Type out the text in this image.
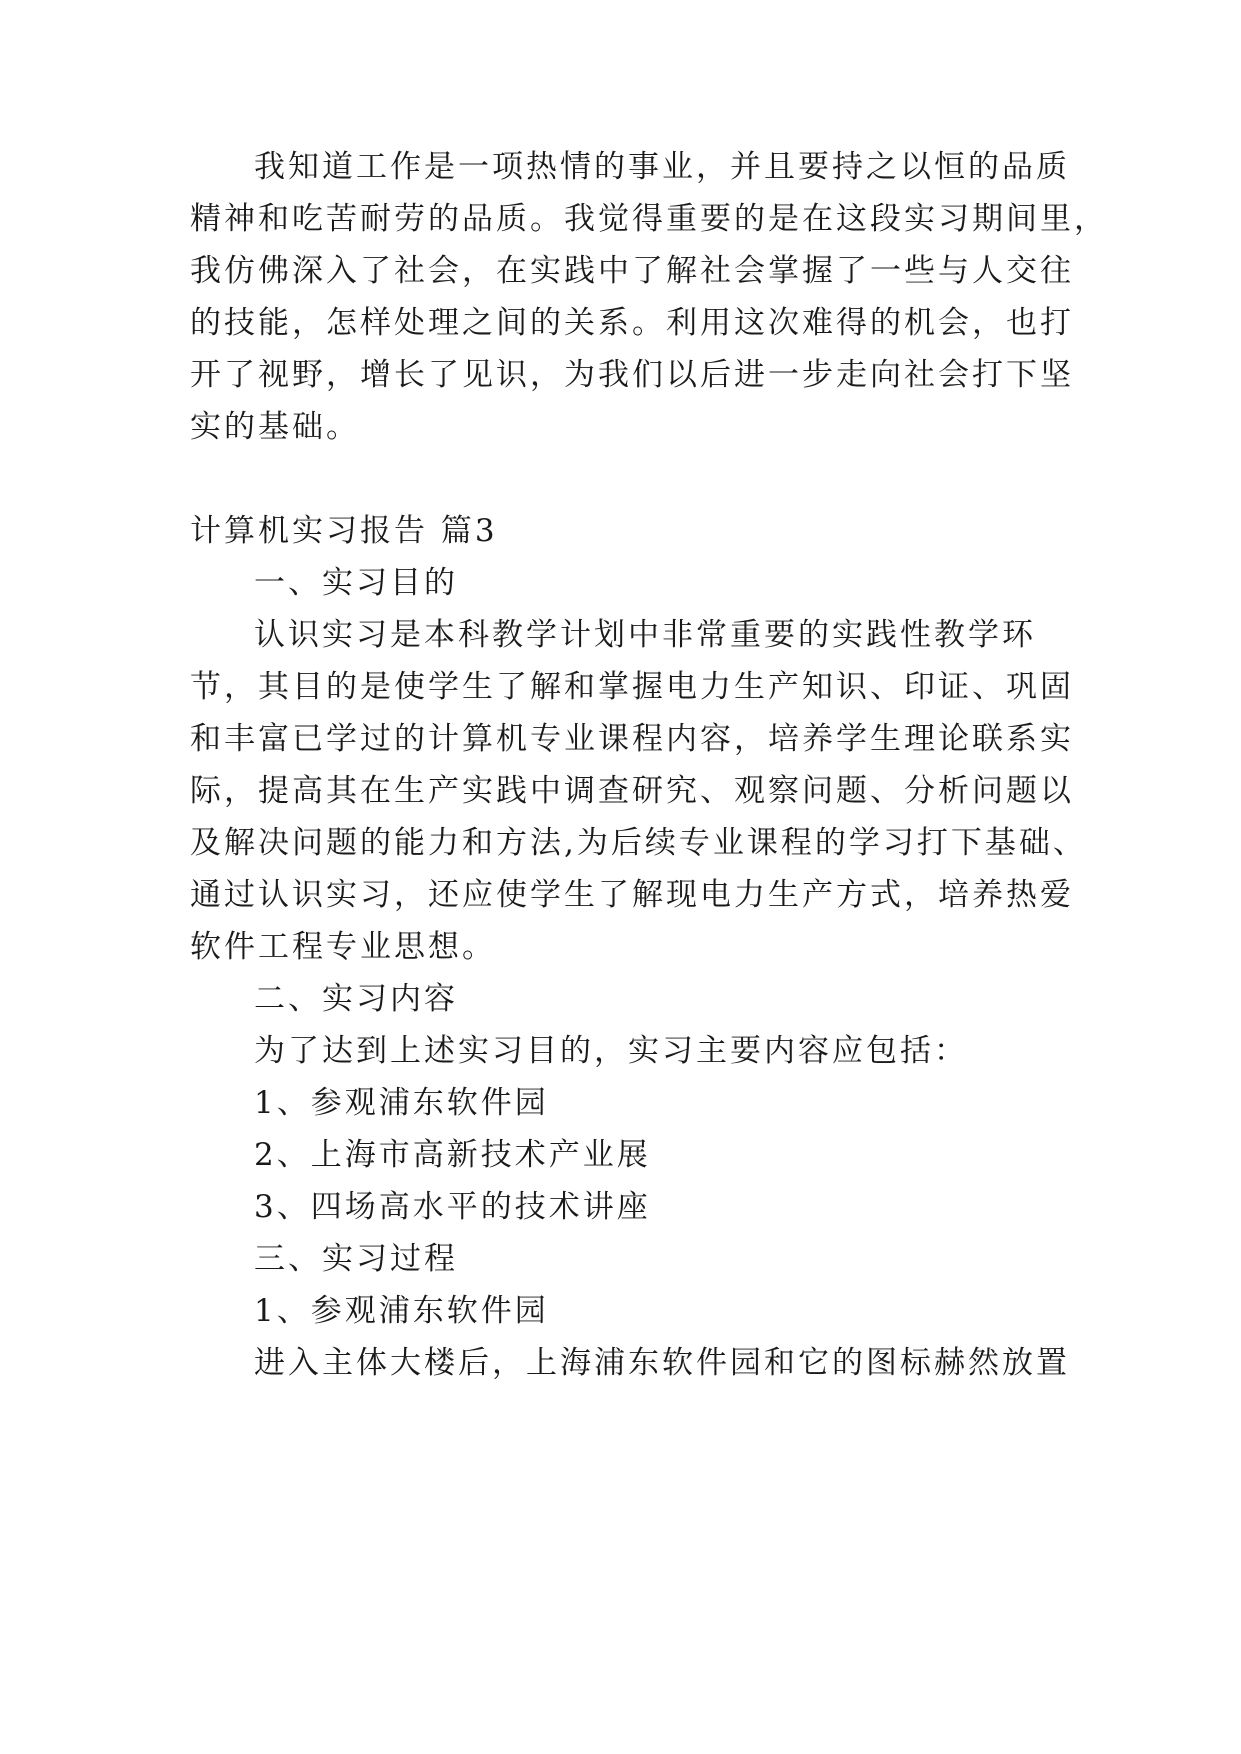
我知道工作是一项热情的事业，并且要持之以恒的品质
精神和吃苦耐劳的品质。我觉得重要的是在这段实习期间里，
我仿佛深入了社会，在实践中了解社会掌握了一些与人交往
的技能，怎样处理之间的关系。利用这次难得的机会，也打
开了视野，增长了见识，为我们以后进一步走向社会打下坚
实的基础。
计算机实习报告 篇3
一、实习目的
认识实习是本科教学计划中非常重要的实践性教学环
节，其目的是使学生了解和掌握电力生产知识、印证、巩固
和丰富已学过的计算机专业课程内容，培养学生理论联系实
际，提高其在生产实践中调查研究、观察问题、分析问题以
及解决问题的能力和方法,为后续专业课程的学习打下基础、
通过认识实习，还应使学生了解现电力生产方式，培养热爱
软件工程专业思想。
二、实习内容
为了达到上述实习目的，实习主要内容应包括：
1、参观浦东软件园
2、上海市高新技术产业展
3、四场高水平的技术讲座
三、实习过程
1、参观浦东软件园
进入主体大楼后，上海浦东软件园和它的图标赫然放置
